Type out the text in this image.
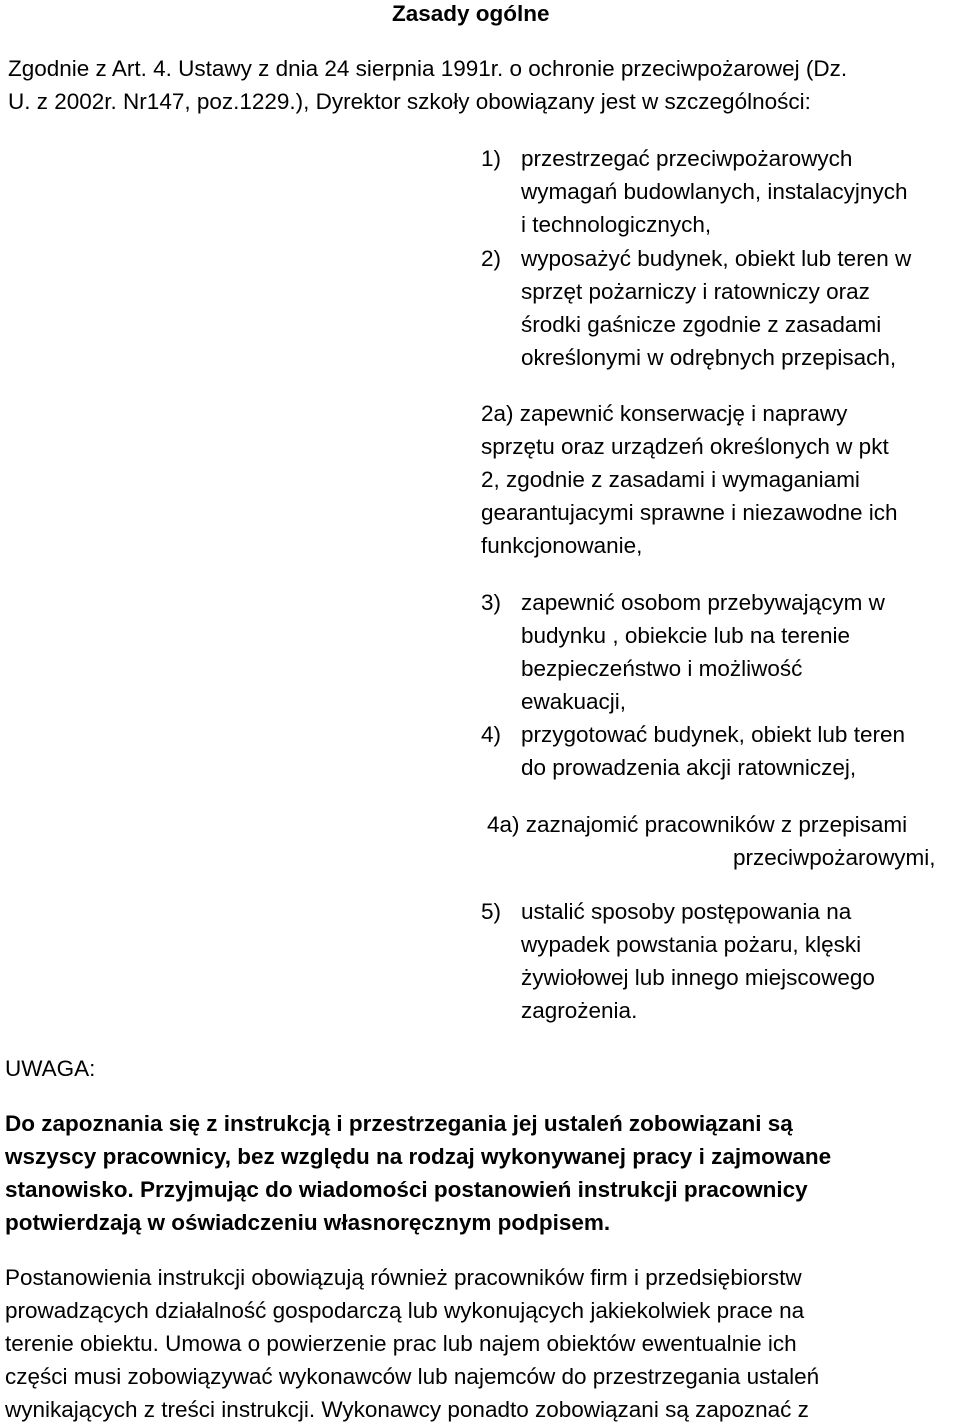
Zasady ogólne
Zgodnie z Art. 4. Ustawy z dnia 24 sierpnia 1991r. o ochronie przeciwpożarowej (Dz.
U. z 2002r. Nr147, poz.1229.), Dyrektor szkoły obowiązany jest w szczególności:
1) przestrzegać przeciwpożarowych
wymagań budowlanych, instalacyjnych
i technologicznych,
2) wyposażyć budynek, obiekt lub teren w
sprzęt pożarniczy i ratowniczy oraz
środki gaśnicze zgodnie z zasadami
określonymi w odrębnych przepisach,
2a) zapewnić konserwację i naprawy
sprzętu oraz urządzeń określonych w pkt
2, zgodnie z zasadami i wymaganiami
gearantujacymi sprawne i niezawodne ich
funkcjonowanie,
3) zapewnić osobom przebywającym w
budynku , obiekcie lub na terenie
bezpieczeństwo i możliwość
ewakuacji,
4) przygotować budynek, obiekt lub teren
do prowadzenia akcji ratowniczej,
4a) zaznajomić pracowników z przepisami
przeciwpożarowymi,
5) ustalić sposoby postępowania na
wypadek powstania pożaru, klęski
żywiołowej lub innego miejscowego
zagrożenia.
UWAGA:
Do zapoznania się z instrukcją i przestrzegania jej ustaleń zobowiązani są
wszyscy pracownicy, bez względu na rodzaj wykonywanej pracy i zajmowane
stanowisko. Przyjmując do wiadomości postanowień instrukcji pracownicy
potwierdzają w oświadczeniu własnoręcznym podpisem.
Postanowienia instrukcji obowiązują również pracowników firm i przedsiębiorstw
prowadzących działalność gospodarczą lub wykonujących jakiekolwiek prace na
terenie obiektu. Umowa o powierzenie prac lub najem obiektów ewentualnie ich
części musi zobowiązywać wykonawców lub najemców do przestrzegania ustaleń
wynikających z treści instrukcji. Wykonawcy ponadto zobowiązani są zapoznać z
